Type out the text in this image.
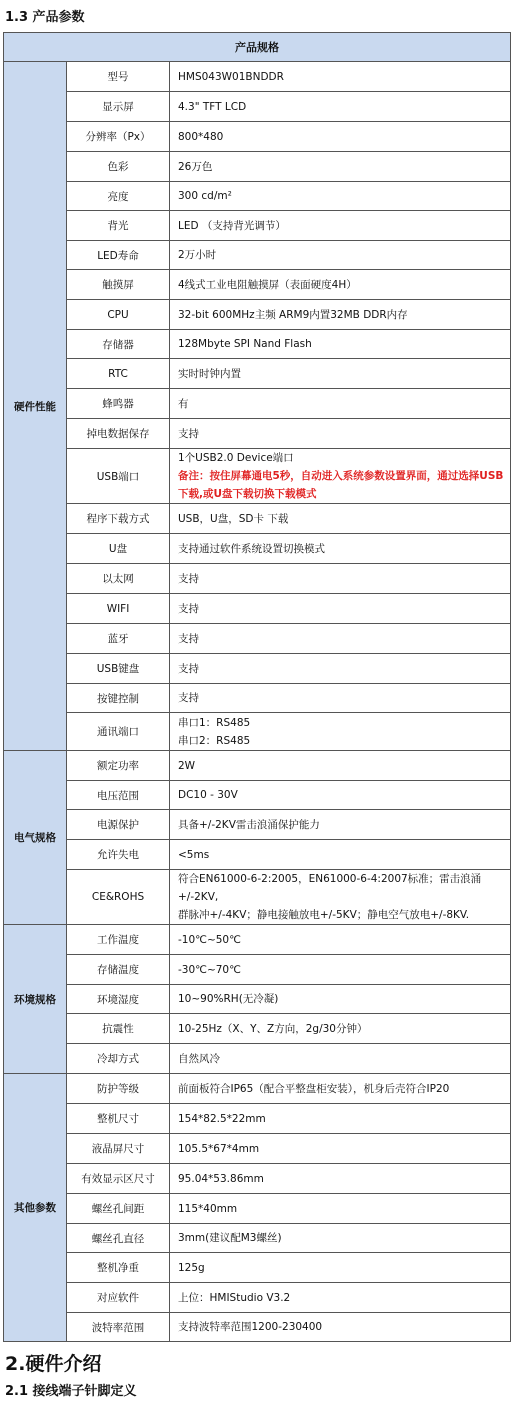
1.3 产品参数
产品规格		
硬件性能	型号	HMS043W01BNDDR

	显示屏	4.3" TFT LCD

	分辨率（Px）	800*480

	色彩	26万色

	亮度	300 cd/m²

	背光	LED （支持背光调节）

	LED寿命	2万小时

	触摸屏	4线式工业电阻触摸屏（表面硬度4H）

	CPU	32-bit 600MHz主频 ARM9内置32MB DDR内存

	存储器	128Mbyte SPI Nand Flash

	RTC	实时时钟内置

	蜂鸣器	有

	掉电数据保存	支持

	USB端口	1个USB2.0 Device端口
备注：按住屏幕通电5秒，自动进入系统参数设置界面，通过选择USB下载,或U盘下载切换下载模式

	程序下载方式	USB，U盘，SD卡 下载

	U盘	支持通过软件系统设置切换模式

	以太网	支持

	WIFI	支持

	蓝牙	支持

	USB键盘	支持

	按键控制	支持

	通讯端口	串口1：RS485
串口2：RS485

电气规格	额定功率	2W

	电压范围	DC10 - 30V

	电源保护	具备+/-2KV雷击浪涌保护能力

	允许失电	<5ms

	CE&ROHS	符合EN61000-6-2:2005，EN61000-6-4:2007标准；雷击浪涌+/-2KV,
群脉冲+/-4KV；静电接触放电+/-5KV；静电空气放电+/-8KV.

环境规格	工作温度	-10℃~50℃

	存储温度	-30℃~70℃

	环境湿度	10~90%RH(无冷凝)

	抗震性	10-25Hz（X、Y、Z方向，2g/30分钟）

	冷却方式	自然风冷

其他参数	防护等级	前面板符合IP65（配合平整盘柜安装），机身后壳符合IP20

	整机尺寸	154*82.5*22mm

	液晶屏尺寸	105.5*67*4mm

	有效显示区尺寸	95.04*53.86mm

	螺丝孔间距	115*40mm

	螺丝孔直径	3mm(建议配M3螺丝)

	整机净重	125g

	对应软件	上位：HMIStudio V3.2

	波特率范围	支持波特率范围1200-230400
2.硬件介绍
2.1 接线端子针脚定义
